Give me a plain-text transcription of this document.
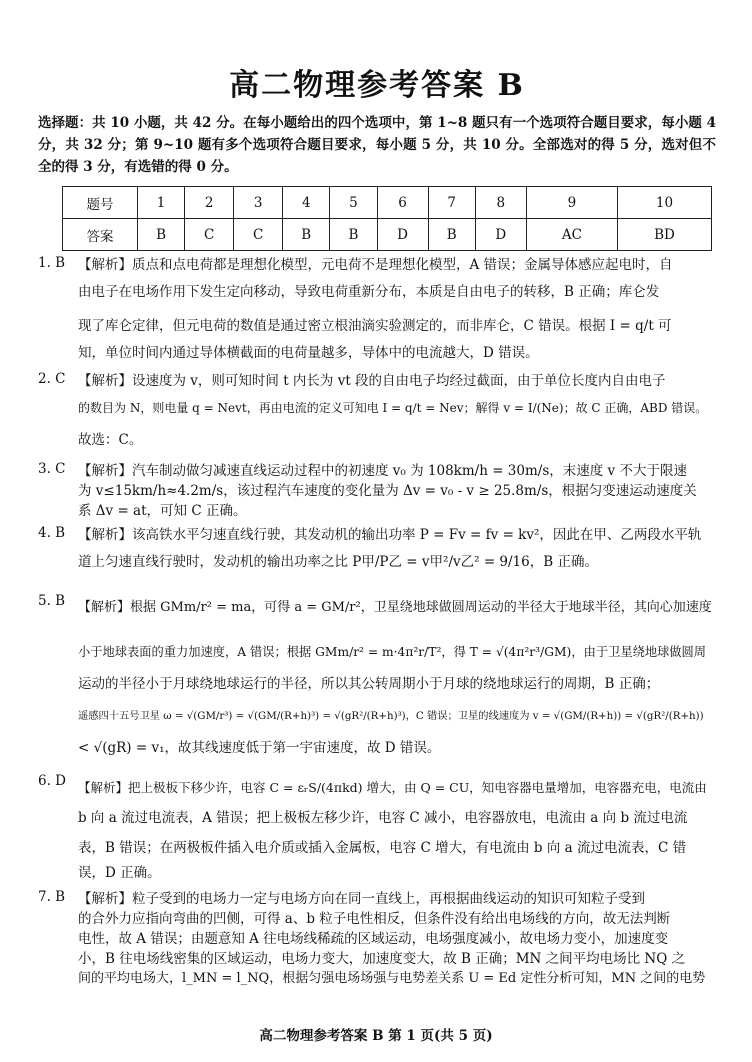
高二物理参考答案 B
选择题：共 10 小题，共 42 分。在每小题给出的四个选项中，第 1~8 题只有一个选项符合题目要求，每小题 4 分，共 32 分；第 9~10 题有多个选项符合题目要求，每小题 5 分，共 10 分。全部选对的得 5 分，选对但不全的得 3 分，有选错的得 0 分。
题号	1	2	3	4	5	6	7	8	9	10
答案	B	C	C	B	B	D	B	D	AC	BD
1. B 【解析】质点和点电荷都是理想化模型，元电荷不是理想化模型，A 错误；金属导体感应起电时，自
由电子在电场作用下发生定向移动，导致电荷重新分布，本质是自由电子的转移，B 正确；库仑发
现了库仑定律，但元电荷的数值是通过密立根油滴实验测定的，而非库仑，C 错误。根据 I = q/t 可
知，单位时间内通过导体横截面的电荷量越多，导体中的电流越大，D 错误。
2. C 【解析】设速度为 v，则可知时间 t 内长为 vt 段的自由电子均经过截面，由于单位长度内自由电子
的数目为 N，则电量 q = Nevt，再由电流的定义可知电 I = q/t = Nev；解得 v = I/(Ne)；故 C 正确，ABD 错误。
故选：C。
3. C 【解析】汽车制动做匀减速直线运动过程中的初速度 v₀ 为 108km/h = 30m/s，末速度 v 不大于限速
为 v≤15km/h≈4.2m/s，该过程汽车速度的变化量为 Δv = v₀ - v ≥ 25.8m/s，根据匀变速运动速度关
系 Δv = at，可知 C 正确。
4. B 【解析】该高铁水平匀速直线行驶，其发动机的输出功率 P = Fv = fv = kv²，因此在甲、乙两段水平轨
道上匀速直线行驶时，发动机的输出功率之比 P甲/P乙 = v甲²/v乙² = 9/16，B 正确。
5. B 【解析】根据 GMm/r² = ma，可得 a = GM/r²，卫星绕地球做圆周运动的半径大于地球半径，其向心加速度
小于地球表面的重力加速度，A 错误；根据 GMm/r² = m·4π²r/T²，得 T = √(4π²r³/GM)，由于卫星绕地球做圆周
运动的半径小于月球绕地球运行的半径，所以其公转周期小于月球的绕地球运行的周期，B 正确；
遥感四十五号卫星 ω = √(GM/r³) = √(GM/(R+h)³) = √(gR²/(R+h)³)，C 错误；卫星的线速度为 v = √(GM/(R+h)) = √(gR²/(R+h))
< √(gR) = v₁，故其线速度低于第一宇宙速度，故 D 错误。
6. D 【解析】把上极板下移少许，电容 C = εᵣS/(4πkd) 增大，由 Q = CU，知电容器电量增加，电容器充电，电流由
b 向 a 流过电流表，A 错误；把上极板左移少许，电容 C 减小，电容器放电，电流由 a 向 b 流过电流
表，B 错误；在两极板件插入电介质或插入金属板，电容 C 增大，有电流由 b 向 a 流过电流表，C 错
误，D 正确。
7. B 【解析】粒子受到的电场力一定与电场方向在同一直线上，再根据曲线运动的知识可知粒子受到
的合外力应指向弯曲的凹侧，可得 a、b 粒子电性相反，但条件没有给出电场线的方向，故无法判断
电性，故 A 错误；由题意知 A 往电场线稀疏的区域运动，电场强度减小，故电场力变小，加速度变
小，B 往电场线密集的区域运动，电场力变大，加速度变大，故 B 正确；MN 之间平均电场比 NQ 之
间的平均电场大，l_MN = l_NQ，根据匀强电场场强与电势差关系 U = Ed 定性分析可知，MN 之间的电势
高二物理参考答案 B 第 1 页(共 5 页)
